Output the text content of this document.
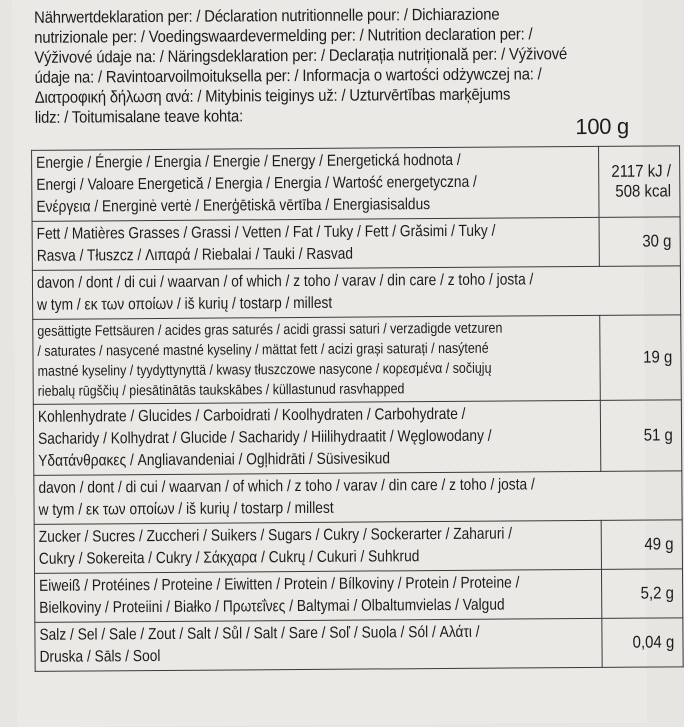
Nährwertdeklaration per: / Déclaration nutritionnelle pour: / Dichiarazione
nutrizionale per: / Voedingswaardevermelding per: / Nutrition declaration per: /
Výživové údaje na: / Näringsdeklaration per: / Declarația nutrițională per: / Výživové
údaje na: / Ravintoarvoilmoituksella per: / Informacja o wartości odżywczej na: /
Διατροφική δήλωση ανά: / Mitybinis teiginys už: / Uzturvērtības marķējums
lidz: / Toitumisalane teave kohta:	100 g
Energie / Énergie / Energia / Energie / Energy / Energetická hodnota /
Energi / Valoare Energetică / Energia / Energia / Wartość energetyczna /
Ενέργεια / Energinė vertė / Enerģētiskā vērtība / Energiasisaldus	2117 kJ /
508 kcal

Fett / Matières Grasses / Grassi / Vetten / Fat / Tuky / Fett / Grăsimi / Tuky /
Rasva / Tłuszcz / Λιπαρά / Riebalai / Tauki / Rasvad	30 g

davon / dont / di cui / waarvan / of which / z toho / varav / din care / z toho / josta /
w tym / εκ των οποίων / iš kurių / tostarp / millest	

gesättigte Fettsäuren / acides gras saturés / acidi grassi saturi / verzadigde vetzuren
/ saturates / nasycené mastné kyseliny / mättat fett / acizi grași saturați / nasýtené
mastné kyseliny / tyydyttynyttä / kwasy tłuszczowe nasycone / κορεσμένα / sočiųjų
riebalų rūgščių / piesātinātās taukskābes / küllastunud rasvhapped	19 g

Kohlenhydrate / Glucides / Carboidrati / Koolhydraten / Carbohydrate /
Sacharidy / Kolhydrat / Glucide / Sacharidy / Hiilihydraatit / Węglowodany /
Υδατάνθρακες / Angliavandeniai / Ogļhidrāti / Süsivesikud	51 g

davon / dont / di cui / waarvan / of which / z toho / varav / din care / z toho / josta /
w tym / εκ των οποίων / iš kurių / tostarp / millest	

Zucker / Sucres / Zuccheri / Suikers / Sugars / Cukry / Sockerarter / Zaharuri /
Cukry / Sokereita / Cukry / Σάκχαρα / Cukrų / Cukuri / Suhkrud	49 g

Eiweiß / Protéines / Proteine / Eiwitten / Protein / Bílkoviny / Protein / Proteine /
Bielkoviny / Proteiini / Białko / Πρωτεΐνες / Baltymai / Olbaltumvielas / Valgud	5,2 g

Salz / Sel / Sale / Zout / Salt / Sůl / Salt / Sare / Soľ / Suola / Sól / Αλάτι /
Druska / Sāls / Sool	0,04 g
